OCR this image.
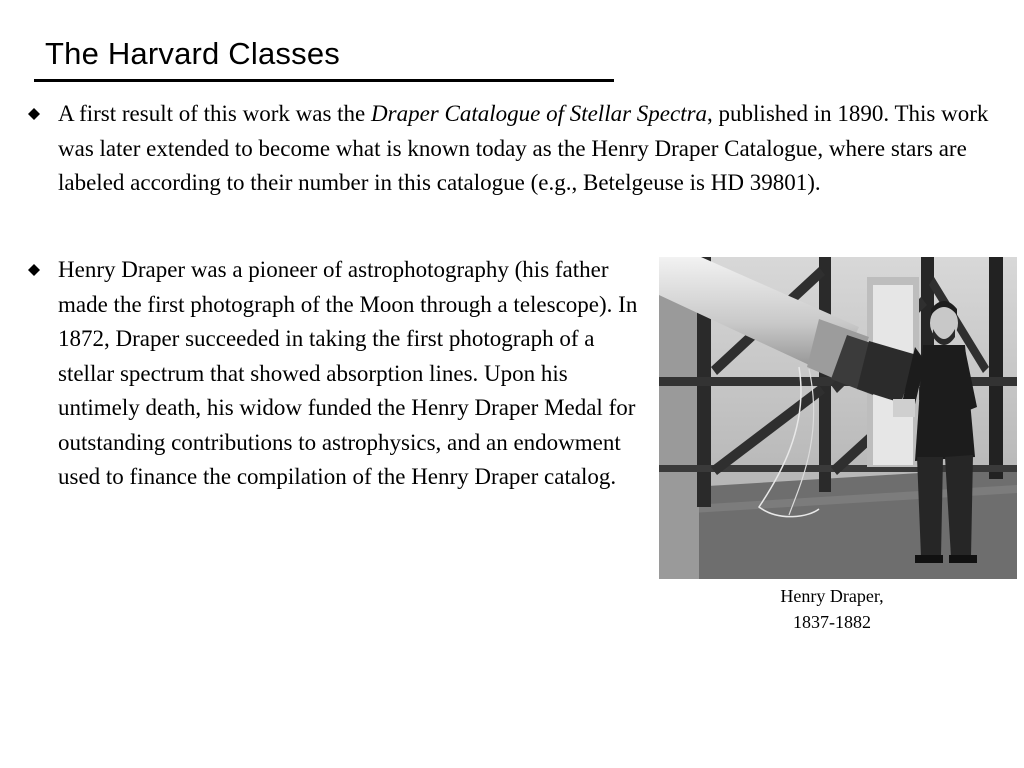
The Harvard Classes
A first result of this work was the Draper Catalogue of Stellar Spectra, published in 1890. This work was later extended to become what is known today as the Henry Draper Catalogue, where stars are labeled according to their number in this catalogue (e.g., Betelgeuse is HD 39801).
Henry Draper was a pioneer of astrophotography (his father made the first photograph of the Moon through a telescope). In 1872, Draper succeeded in taking the first photograph of a stellar spectrum that showed absorption lines. Upon his untimely death, his widow funded the Henry Draper Medal for outstanding contributions to astrophysics, and an endowment used to finance the compilation of the Henry Draper catalog.
Henry Draper,
1837-1882
